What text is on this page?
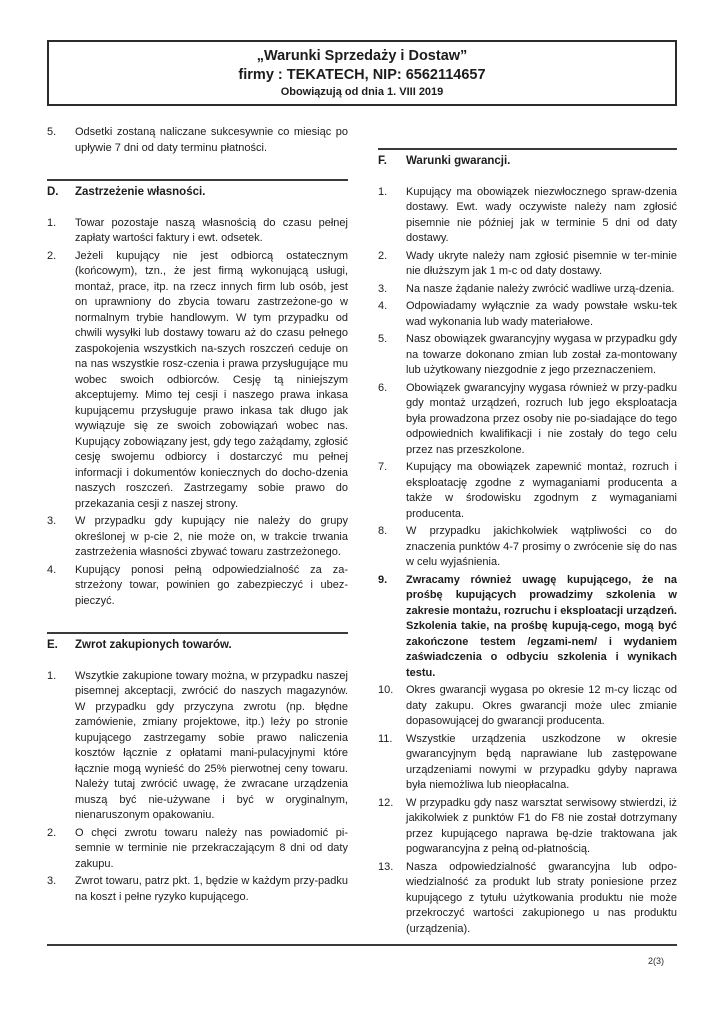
„Warunki Sprzedaży i Dostaw”
firmy : TEKATECH, NIP: 6562114657
Obowiązują od dnia 1. VIII 2019
5. Odsetki zostaną naliczane sukcesywnie co miesiąc po upływie 7 dni od daty terminu płatności.
D. Zastrzeżenie własności.
1. Towar pozostaje naszą własnością do czasu pełnej zapłaty wartości faktury i ewt. odsetek.
2. Jeżeli kupujący nie jest odbiorcą ostatecznym (końcowym), tzn., że jest firmą wykonującą usługi, montaż, prace, itp. na rzecz innych firm lub osób, jest on uprawniony do zbycia towaru zastrzeżone-go w normalnym trybie handlowym. W tym przypadku od chwili wysyłki lub dostawy towaru aż do czasu pełnego zaspokojenia wszystkich na-szych roszczeń ceduje on na nas wszystkie rosz-czenia i prawa przysługujące mu wobec swoich odbiorców. Cesję tą niniejszym akceptujemy. Mimo tej cesji i naszego prawa inkasa kupującemu przysługuje prawo inkasa tak długo jak wywiązuje się ze swoich zobowiązań wobec nas. Kupujący zobowiązany jest, gdy tego zażądamy, zgłosić cesję swojemu odbiorcy i dostarczyć mu pełnej informacji i dokumentów koniecznych do docho-dzenia naszych roszczeń. Zastrzegamy sobie prawo do przekazania cesji z naszej strony.
3. W przypadku gdy kupujący nie należy do grupy określonej w p-cie 2, nie może on, w trakcie trwania zastrzeżenia własności zbywać towaru zastrzeżonego.
4. Kupujący ponosi pełną odpowiedzialność za za-strzeżony towar, powinien go zabezpieczyć i ubez-pieczyć.
E. Zwrot zakupionych towarów.
1. Wszytkie zakupione towary można, w przypadku naszej pisemnej akceptacji, zwrócić do naszych magazynów. W przypadku gdy przyczyna zwrotu (np. błędne zamówienie, zmiany projektowe, itp.) leży po stronie kupującego zastrzegamy sobie prawo naliczenia kosztów łącznie z opłatami mani-pulacyjnymi które łącznie mogą wynieść do 25% pierwotnej ceny towaru. Należy tutaj zwrócić uwagę, że zwracane urządzenia muszą być nie-używane i być w oryginalnym, nienaruszonym opakowaniu.
2. O chęci zwrotu towaru należy nas powiadomić pi-semnie w terminie nie przekraczającym 8 dni od daty zakupu.
3. Zwrot towaru, patrz pkt. 1, będzie w każdym przy-padku na koszt i pełne ryzyko kupującego.
F. Warunki gwarancji.
1. Kupujący ma obowiązek niezwłocznego spraw-dzenia dostawy. Ewt. wady oczywiste należy nam zgłosić pisemnie nie później jak w terminie 5 dni od daty dostawy.
2. Wady ukryte należy nam zgłosić pisemnie w ter-minie nie dłuższym jak 1 m-c od daty dostawy.
3. Na nasze żądanie należy zwrócić wadliwe urzą-dzenia.
4. Odpowiadamy wyłącznie za wady powstałe wsku-tek wad wykonania lub wady materiałowe.
5. Nasz obowiązek gwarancyjny wygasa w przypadku gdy na towarze dokonano zmian lub został za-montowany lub użytkowany niezgodnie z jego przeznaczeniem.
6. Obowiązek gwarancyjny wygasa również w przy-padku gdy montaż urządzeń, rozruch lub jego eksploatacja była prowadzona przez osoby nie po-siadające do tego odpowiednich kwalifikacji i nie zostały do tego celu przez nas przeszkolone.
7. Kupujący ma obowiązek zapewnić montaż, rozruch i eksploatację zgodne z wymaganiami producenta a także w środowisku zgodnym z wymaganiami producenta.
8. W przypadku jakichkolwiek wątpliwości co do znaczenia punktów 4-7 prosimy o zwrócenie się do nas w celu wyjaśnienia.
9. Zwracamy również uwagę kupującego, że na prośbę kupujących prowadzimy szkolenia w zakresie montażu, rozruchu i eksploatacji urządzeń. Szkolenia takie, na prośbę kupują-cego, mogą być zakończone testem /egzami-nem/ i wydaniem zaświadczenia o odbyciu szkolenia i wynikach testu.
10. Okres gwarancji wygasa po okresie 12 m-cy licząc od daty zakupu. Okres gwarancji może ulec zmianie dopasowującej do gwarancji producenta.
11. Wszystkie urządzenia uszkodzone w okresie gwarancyjnym będą naprawiane lub zastępowane urządzeniami nowymi w przypadku gdyby naprawa była niemożliwa lub nieopłacalna.
12. W przypadku gdy nasz warsztat serwisowy stwierdzi, iż jakikolwiek z punktów F1 do F8 nie został dotrzymany przez kupującego naprawa bę-dzie traktowana jak pogwarancyjna z pełną od-płatnością.
13. Nasza odpowiedzialność gwarancyjna lub odpo-wiedzialność za produkt lub straty poniesione przez kupującego z tytułu użytkowania produktu nie może przekroczyć wartości zakupionego u nas produktu (urządzenia).
2(3)
